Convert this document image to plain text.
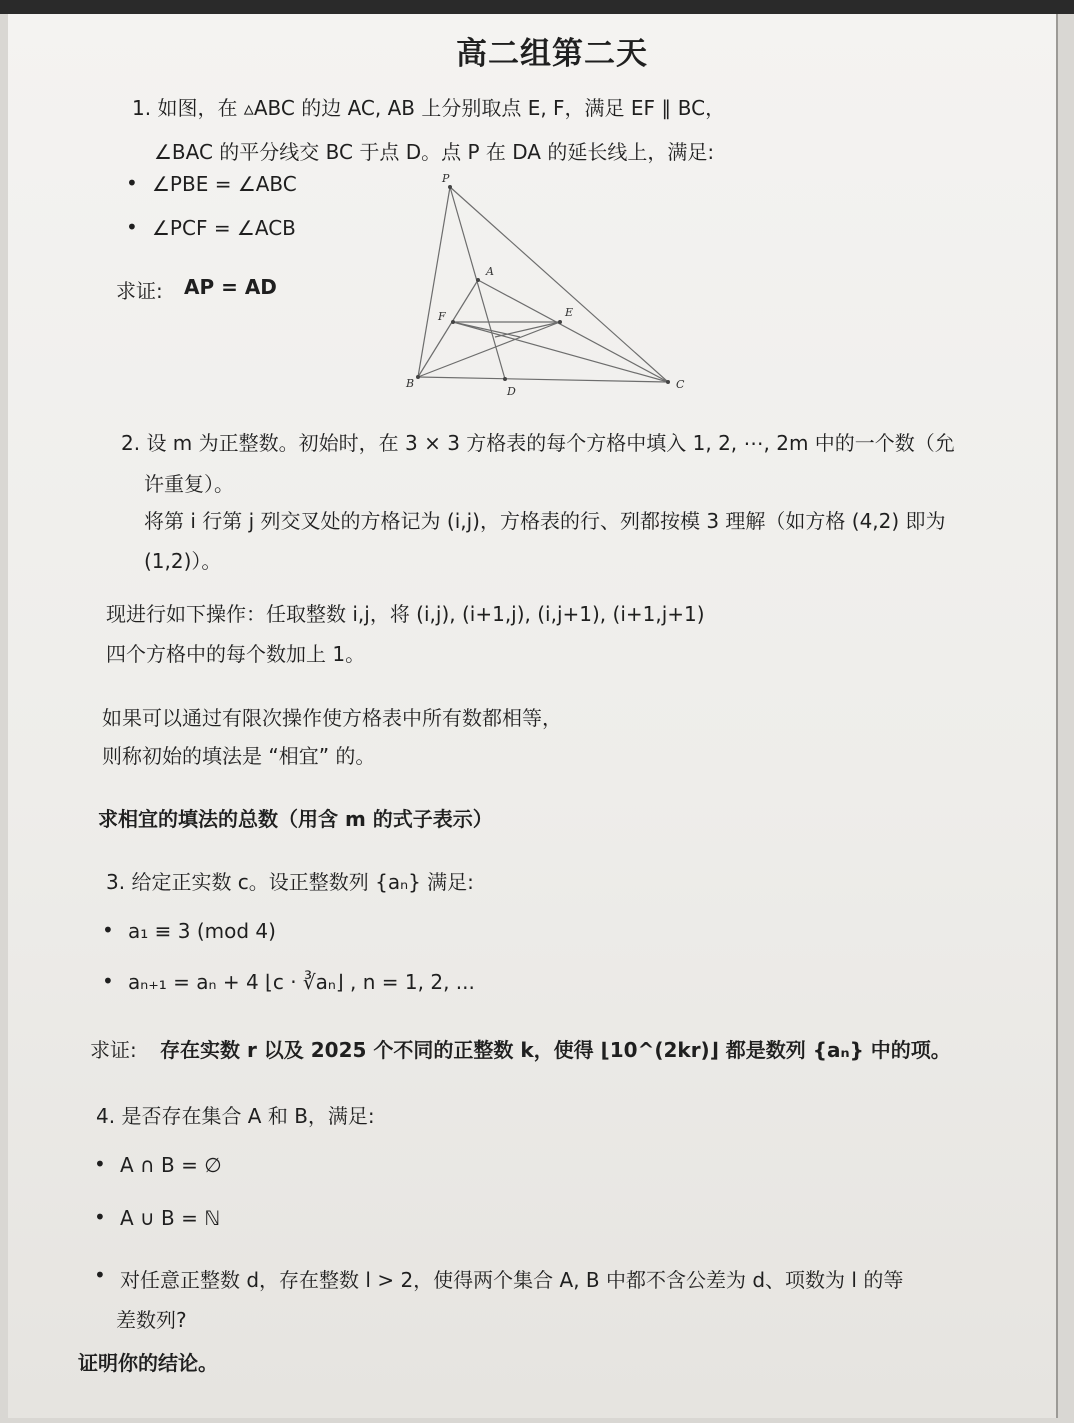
高二组第二天
1. 如图，在 ▵ABC 的边 AC, AB 上分别取点 E, F，满足 EF ∥ BC，
∠BAC 的平分线交 BC 于点 D。点 P 在 DA 的延长线上，满足:
• ∠PBE = ∠ABC
• ∠PCF = ∠ACB
求证: AP = AD
P
A
F	E
B
D
C
2. 设 m 为正整数。初始时，在 3 × 3 方格表的每个方格中填入 1, 2, ⋯, 2m 中的一个数（允
许重复）。
将第 i 行第 j 列交叉处的方格记为 (i,j)，方格表的行、列都按模 3 理解（如方格 (4,2) 即为
(1,2)）。
现进行如下操作：任取整数 i,j，将 (i,j), (i+1,j), (i,j+1), (i+1,j+1)
四个方格中的每个数加上 1。
如果可以通过有限次操作使方格表中所有数都相等，
则称初始的填法是 “相宜” 的。
求相宜的填法的总数（用含 m 的式子表示）
3. 给定正实数 c。设正整数列 {aₙ} 满足:
• a₁ ≡ 3 (mod 4)
• aₙ₊₁ = aₙ + 4 ⌊c · ∛aₙ⌋ , n = 1, 2, ...
求证: 存在实数 r 以及 2025 个不同的正整数 k，使得 ⌊10^(2kr)⌋ 都是数列 {aₙ} 中的项。
4. 是否存在集合 A 和 B，满足:
• A ∩ B = ∅
• A ∪ B = ℕ
• 对任意正整数 d，存在整数 l > 2，使得两个集合 A, B 中都不含公差为 d、项数为 l 的等
差数列?
证明你的结论。
